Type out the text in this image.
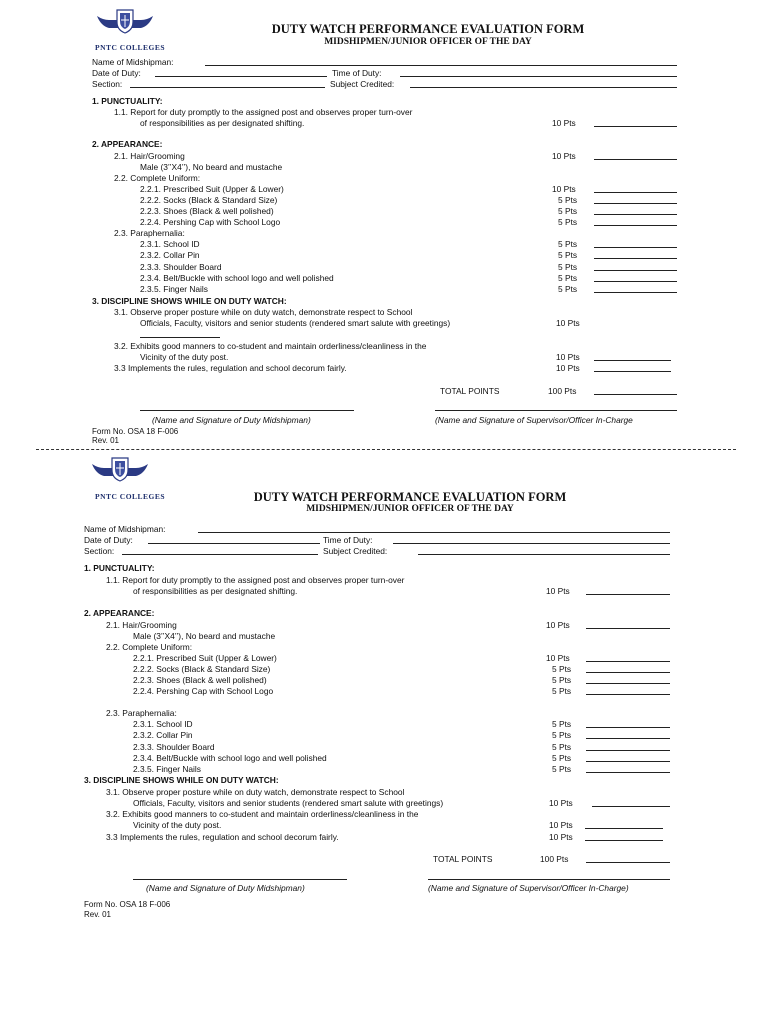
PNTC COLLEGES
DUTY WATCH PERFORMANCE EVALUATION FORM
MIDSHIPMEN/JUNIOR OFFICER OF THE DAY
Name of Midshipman:
Date of Duty:	Time of Duty:
Section:	Subject Credited:
1. PUNCTUALITY:
1.1. Report for duty promptly to the assigned post and observes proper turn-over
of responsibilities as per designated shifting.	10 Pts
2. APPEARANCE:
2.1. Hair/Grooming	10 Pts
Male (3’’X4’’), No beard and mustache
2.2. Complete Uniform:
2.2.1. Prescribed Suit (Upper & Lower)	10 Pts
2.2.2. Socks (Black & Standard Size)	5 Pts
2.2.3. Shoes (Black & well polished)	5 Pts
2.2.4. Pershing Cap with School Logo	5 Pts
2.3. Paraphernalia:
2.3.1. School ID	5 Pts
2.3.2. Collar Pin	5 Pts
2.3.3. Shoulder Board	5 Pts
2.3.4. Belt/Buckle with school logo and well polished	5 Pts
2.3.5. Finger Nails	5 Pts
3. DISCIPLINE SHOWS WHILE ON DUTY WATCH:
3.1. Observe proper posture while on duty watch, demonstrate respect to School
Officials, Faculty, visitors and senior students (rendered smart salute with greetings)	10 Pts
3.2. Exhibits good manners to co-student and maintain orderliness/cleanliness in the
Vicinity of the duty post.	10 Pts
3.3 Implements the rules, regulation and school decorum fairly.	10 Pts
TOTAL POINTS	100 Pts
(Name and Signature of Duty Midshipman)	(Name and Signature of Supervisor/Officer In-Charge
Form No. OSA 18 F-006
Rev. 01
PNTC COLLEGES	DUTY WATCH PERFORMANCE EVALUATION FORM
MIDSHIPMEN/JUNIOR OFFICER OF THE DAY
Name of Midshipman:
Date of Duty:	Time of Duty:
Section:	Subject Credited:
1. PUNCTUALITY:
1.1. Report for duty promptly to the assigned post and observes proper turn-over
of responsibilities as per designated shifting.	10 Pts
2. APPEARANCE:
2.1. Hair/Grooming	10 Pts
Male (3’’X4’’), No beard and mustache
2.2. Complete Uniform:
2.2.1. Prescribed Suit (Upper & Lower)	10 Pts
2.2.2. Socks (Black & Standard Size)	5 Pts
2.2.3. Shoes (Black & well polished)	5 Pts
2.2.4. Pershing Cap with School Logo	5 Pts
2.3. Paraphernalia:
2.3.1. School ID	5 Pts
2.3.2. Collar Pin	5 Pts
2.3.3. Shoulder Board	5 Pts
2.3.4. Belt/Buckle with school logo and well polished	5 Pts
2.3.5. Finger Nails	5 Pts
3. DISCIPLINE SHOWS WHILE ON DUTY WATCH:
3.1. Observe proper posture while on duty watch, demonstrate respect to School
Officials, Faculty, visitors and senior students (rendered smart salute with greetings)	10 Pts
3.2. Exhibits good manners to co-student and maintain orderliness/cleanliness in the
Vicinity of the duty post.	10 Pts
3.3 Implements the rules, regulation and school decorum fairly.	10 Pts
TOTAL POINTS	100 Pts
(Name and Signature of Duty Midshipman)	(Name and Signature of Supervisor/Officer In-Charge)
Form No. OSA 18 F-006
Rev. 01
